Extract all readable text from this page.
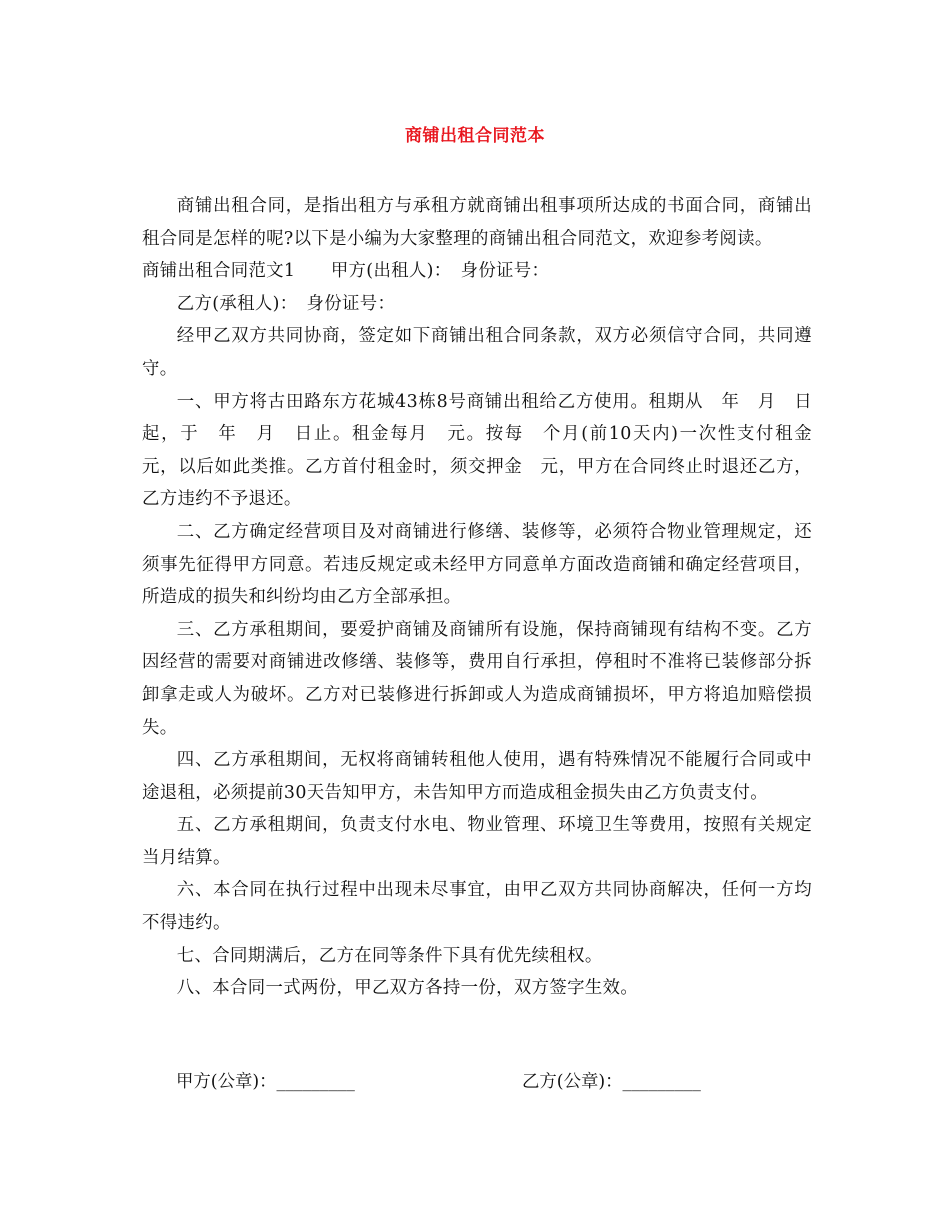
商铺出租合同范本

商铺出租合同，是指出租方与承租方就商铺出租事项所达成的书面合同，商铺出租合同是怎样的呢?以下是小编为大家整理的商铺出租合同范文，欢迎参考阅读。

商铺出租合同范文1　　甲方(出租人)：　身份证号：

乙方(承租人)：　身份证号：

经甲乙双方共同协商，签定如下商铺出租合同条款，双方必须信守合同，共同遵守。

一、甲方将古田路东方花城43栋8号商铺出租给乙方使用。租期从　年　月　日起，于　年　月　日止。租金每月　元。按每　个月(前10天内)一次性支付租金　元，以后如此类推。乙方首付租金时，须交押金　元，甲方在合同终止时退还乙方，乙方违约不予退还。

二、乙方确定经营项目及对商铺进行修缮、装修等，必须符合物业管理规定，还须事先征得甲方同意。若违反规定或未经甲方同意单方面改造商铺和确定经营项目，所造成的损失和纠纷均由乙方全部承担。

三、乙方承租期间，要爱护商铺及商铺所有设施，保持商铺现有结构不变。乙方因经营的需要对商铺进改修缮、装修等，费用自行承担，停租时不准将已装修部分拆卸拿走或人为破坏。乙方对已装修进行拆卸或人为造成商铺损坏，甲方将追加赔偿损失。

四、乙方承租期间，无权将商铺转租他人使用，遇有特殊情况不能履行合同或中途退租，必须提前30天告知甲方，未告知甲方而造成租金损失由乙方负责支付。

五、乙方承租期间，负责支付水电、物业管理、环境卫生等费用，按照有关规定当月结算。

六、本合同在执行过程中出现未尽事宜，由甲乙双方共同协商解决，任何一方均不得违约。

七、合同期满后，乙方在同等条件下具有优先续租权。

八、本合同一式两份，甲乙双方各持一份，双方签字生效。

甲方(公章)：_________	乙方(公章)：_________
